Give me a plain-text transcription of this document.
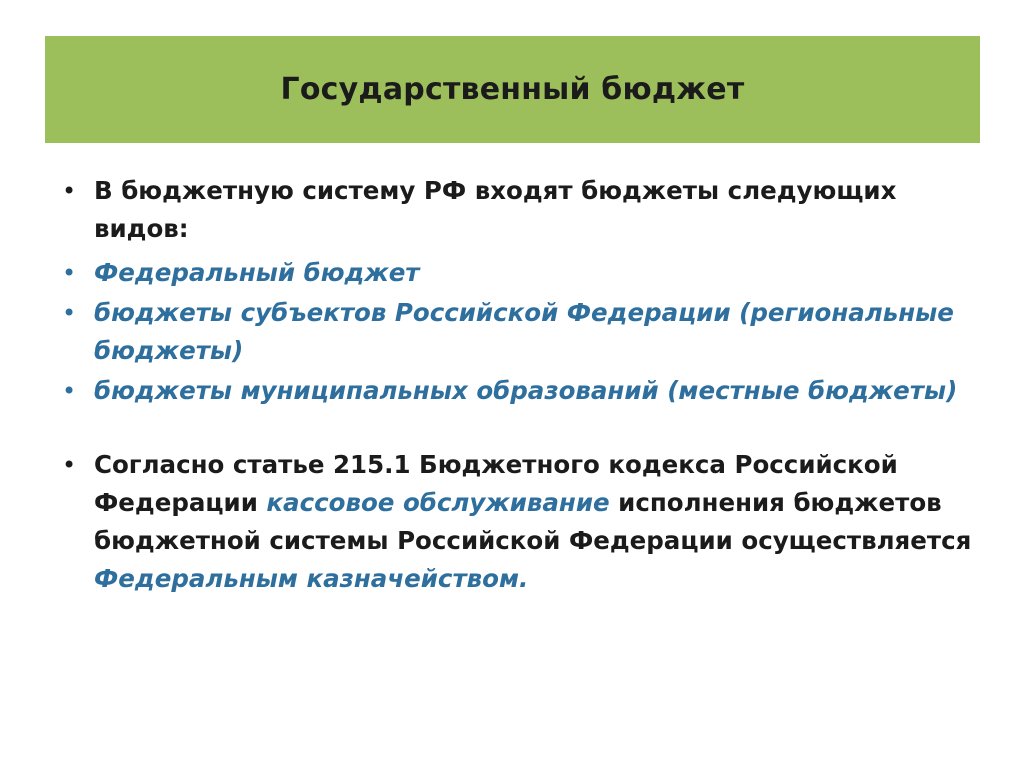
Государственный бюджет
• В бюджетную систему РФ входят бюджеты следующих видов:
• Федеральный бюджет
• бюджеты субъектов Российской Федерации (региональные бюджеты)
• бюджеты муниципальных образований (местные бюджеты)
• Согласно статье 215.1 Бюджетного кодекса Российской Федерации кассовое обслуживание исполнения бюджетов бюджетной системы Российской Федерации осуществляется Федеральным казначейством.
